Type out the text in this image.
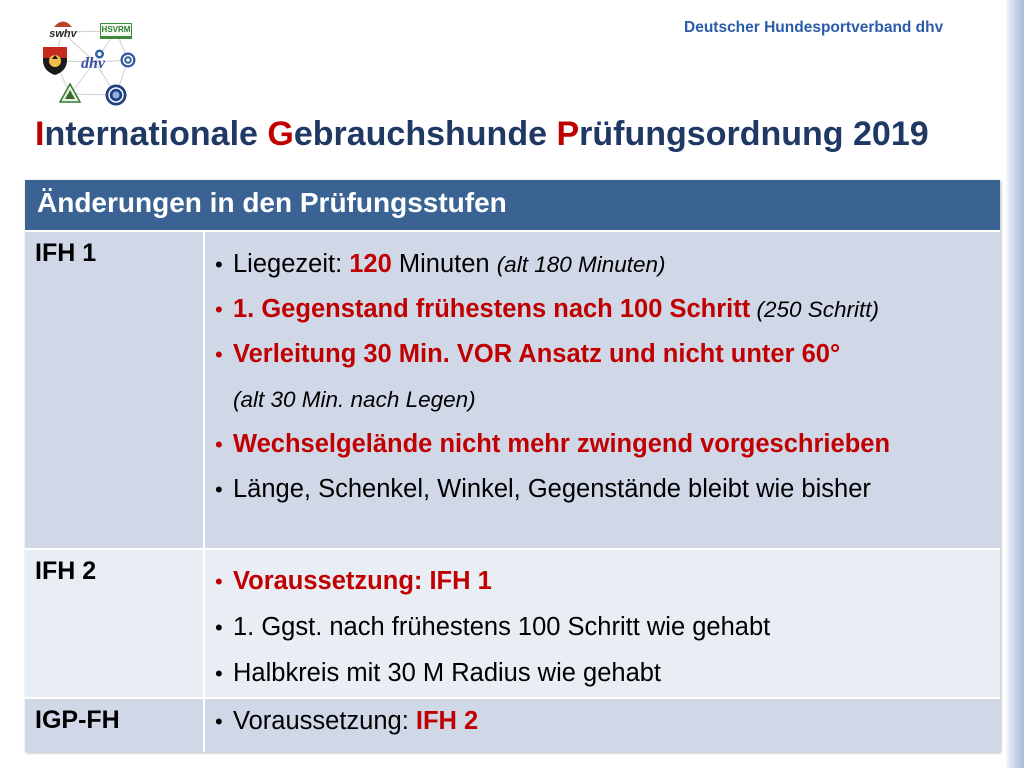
swhv	HSVRM
dhv
Deutscher Hundesportverband dhv
Internationale Gebrauchshunde Prüfungsordnung 2019
Änderungen in den Prüfungsstufen
IFH 1 •	Liegezeit: 120 Minuten (alt 180 Minuten)
•1. Gegenstand frühestens nach 100 Schritt (250 Schritt)
•Verleitung 30 Min. VOR Ansatz und nicht unter 60°
(alt 30 Min. nach Legen)
•Wechselgelände nicht mehr zwingend vorgeschrieben
•Länge, Schenkel, Winkel, Gegenstände bleibt wie bisher
IFH 2 •	Voraussetzung: IFH 1
•1. Ggst. nach frühestens 100 Schritt wie gehabt
•Halbkreis mit 30 M Radius wie gehabt
IGP-FH •	Voraussetzung: IFH 2
